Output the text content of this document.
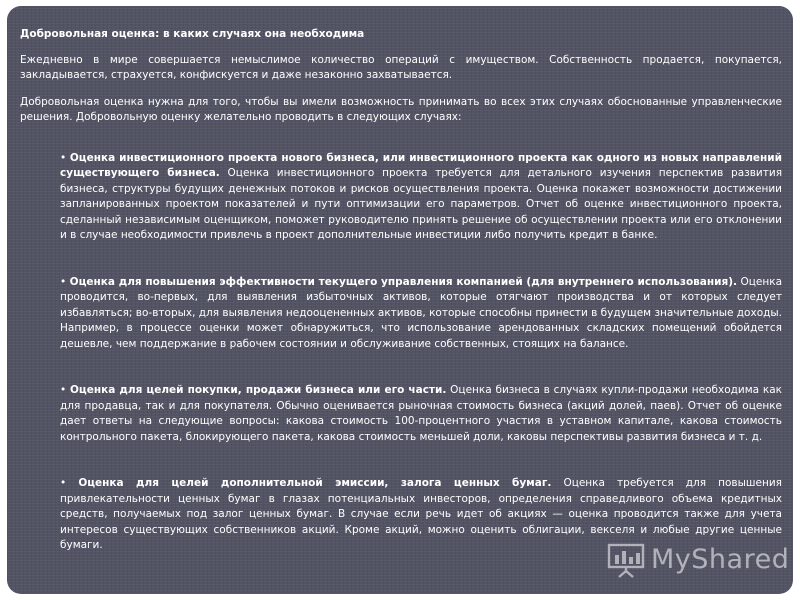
Добровольная оценка: в каких случаях она необходима

Ежедневно в мире совершается немыслимое количество операций с имуществом. Собственность продается, покупается, закладывается, страхуется, конфискуется и даже незаконно захватывается.

Добровольная оценка нужна для того, чтобы вы имели возможность принимать во всех этих случаях обоснованные управленческие решения. Добровольную оценку желательно проводить в следующих случаях:

• Оценка инвестиционного проекта нового бизнеса, или инвестиционного проекта как одного из новых направлений существующего бизнеса. Оценка инвестиционного проекта требуется для детального изучения перспектив развития бизнеса, структуры будущих денежных потоков и рисков осуществления проекта. Оценка покажет возможности достижении запланированных проектом показателей и пути оптимизации его параметров. Отчет об оценке инвестиционного проекта, сделанный независимым оценщиком, поможет руководителю принять решение об осуществлении проекта или его отклонении и в случае необходимости привлечь в проект дополнительные инвестиции либо получить кредит в банке.

• Оценка для повышения эффективности текущего управления компанией (для внутреннего использования). Оценка проводится, во-первых, для выявления избыточных активов, которые отягчают производства и от которых следует избавляться; во-вторых, для выявления недооцененных активов, которые способны принести в будущем значительные доходы. Например, в процессе оценки может обнаружиться, что использование арендованных складских помещений обойдется дешевле, чем поддержание в рабочем состоянии и обслуживание собственных, стоящих на балансе.

• Оценка для целей покупки, продажи бизнеса или его части. Оценка бизнеса в случаях купли-продажи необходима как для продавца, так и для покупателя. Обычно оценивается рыночная стоимость бизнеса (акций долей, паев). Отчет об оценке дает ответы на следующие вопросы: какова стоимость 100-процентного участия в уставном капитале, какова стоимость контрольного пакета, блокирующего пакета, какова стоимость меньшей доли, каковы перспективы развития бизнеса и т. д.

• Оценка для целей дополнительной эмиссии, залога ценных бумаг. Оценка требуется для повышения привлекательности ценных бумаг в глазах потенциальных инвесторов, определения справедливого объема кредитных средств, получаемых под залог ценных бумаг. В случае если речь идет об акциях — оценка проводится также для учета интересов существующих собственников акций. Кроме акций, можно оценить облигации, векселя и любые другие ценные бумаги.	MyShared
